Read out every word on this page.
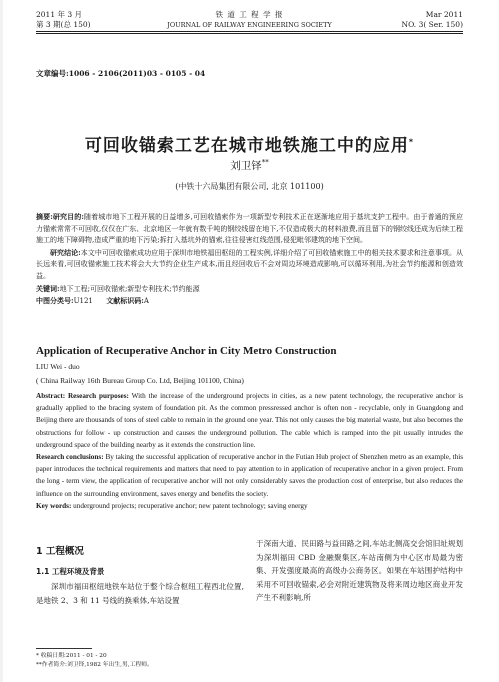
2011 年 3 月
第 3 期(总 150)
铁 道 工 程 学 报
JOURNAL OF RAILWAY ENGINEERING SOCIETY
Mar 2011
NO. 3( Ser. 150)
文章编号:1006 - 2106(2011)03 - 0105 - 04
可回收锚索工艺在城市地铁施工中的应用*
刘卫铎**
(中铁十六局集团有限公司, 北京 101100)
摘要:研究目的:随着城市地下工程开展的日益增多,可回收锚索作为一项新型专利技术正在逐渐地应用于基坑支护工程中。由于普通的预应力锚索常常不可回收,仅仅在广东、北京地区一年就有数千吨的钢绞线留在地下,不仅造成极大的材料浪费,而且留下的钢绞线还成为后续工程施工的地下障碍物,造成严重的地下污染;拆打入基坑外的锚索,往往侵害红线范围,侵犯毗邻建筑的地下空间。
研究结论:本文中可回收锚索成功应用于深圳市地铁福田枢纽的工程实例,详细介绍了可回收锚索施工中的相关技术要求和注意事项。从长远来看,可回收锚索施工技术将会大大节约企业生产成本,而且经回收后不会对周边环境造成影响,可以循环利用,为社会节约能源和创造效益。
关键词:地下工程;可回收锚索;新型专利技术;节约能源
中图分类号:U121 文献标识码:A
Application of Recuperative Anchor in City Metro Construction
LIU Wei - duo
( China Railway 16th Bureau Group Co. Ltd, Beijing 101100, China)
Abstract: Research purposes: With the increase of the underground projects in cities, as a new patent technology, the recuperative anchor is gradually applied to the bracing system of foundation pit. As the common pressressed anchor is often non - recyclable, only in Guangdong and Beijing there are thousands of tons of steel cable to remain in the ground one year. This not only causes the big material waste, but also becomes the obstructions for follow - up construction and causes the underground pollution. The cable which is ramped into the pit usually intrudes the underground space of the building nearby as it extends the construction line.
Research conclusions: By taking the successful application of recuperative anchor in the Futian Hub project of Shenzhen metro as an example, this paper introduces the technical requirements and matters that need to pay attention to in application of recuperative anchor in a given project. From the long - term view, the application of recuperative anchor will not only considerably saves the production cost of enterprise, but also reduces the influence on the surrounding environment, saves energy and benefits the society.
Key words: underground projects; recuperative anchor; new patent technology; saving energy
1 工程概况
1.1 工程环境及背景
深圳市福田枢纽地铁车站位于整个综合枢纽工程西北位置,是地铁 2、3 和 11 号线的换乘体,车站设置
于深南大道、民田路与益田路之间,车站北侧高交会馆旧址规划为深圳福田 CBD 金融聚集区,车站南侧为中心区市局最为密集、开发强度最高的高级办公商务区。如果在车站围护结构中采用不可回收锚索,必会对附近建筑物及将来周边地区商业开发产生不利影响,所
* 收稿日期:2011 - 01 - 20
**作者简介:刘卫铎,1982 年出生,男,工程师。
